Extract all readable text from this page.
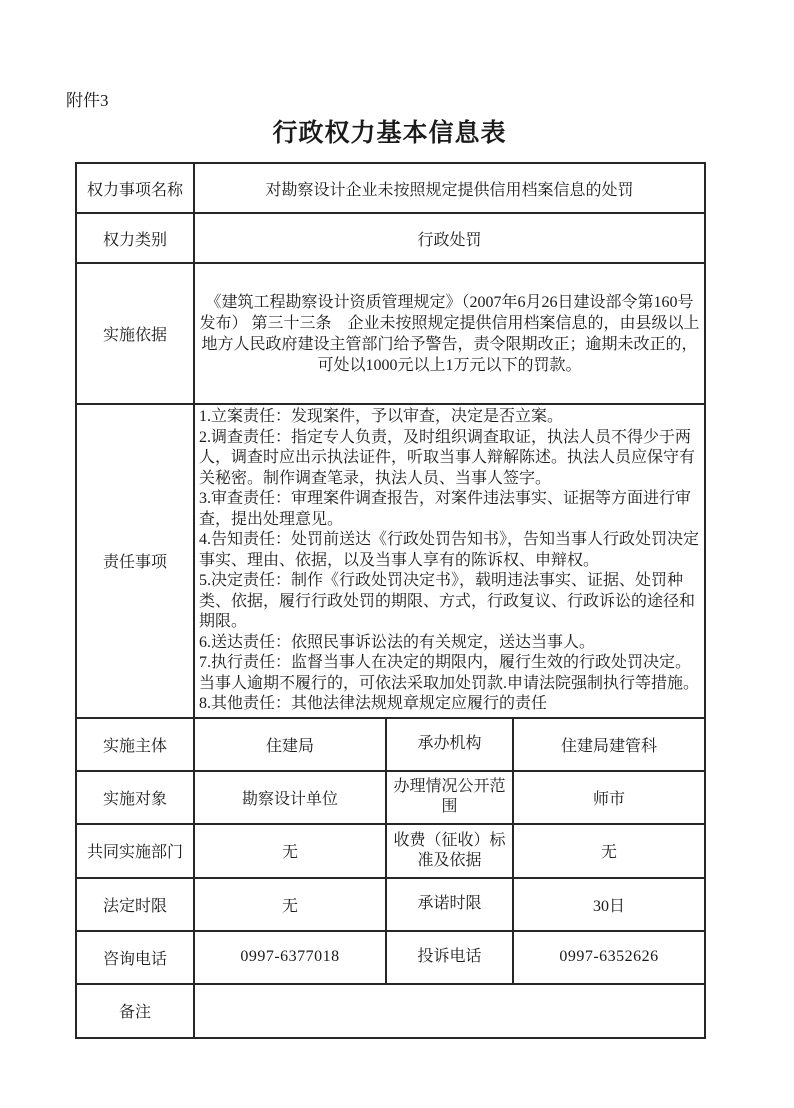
附件3
行政权力基本信息表
权力事项名称	对勘察设计企业未按照规定提供信用档案信息的处罚		
权力类别	行政处罚		
实施依据	《建筑工程勘察设计资质管理规定》（2007年6月26日建设部令第160号发布） 第三十三条　企业未按照规定提供信用档案信息的，由县级以上地方人民政府建设主管部门给予警告，责令限期改正；逾期未改正的，可处以1000元以上1万元以下的罚款。		
责任事项	
1.立案责任：发现案件，予以审查，决定是否立案。
2.调查责任：指定专人负责，及时组织调查取证，执法人员不得少于两人，调查时应出示执法证件，听取当事人辩解陈述。执法人员应保守有关秘密。制作调查笔录，执法人员、当事人签字。
3.审查责任：审理案件调查报告，对案件违法事实、证据等方面进行审查，提出处理意见。
4.告知责任：处罚前送达《行政处罚告知书》，告知当事人行政处罚决定事实、理由、依据，以及当事人享有的陈诉权、申辩权。
5.决定责任：制作《行政处罚决定书》，载明违法事实、证据、处罚种类、依据，履行行政处罚的期限、方式，行政复议、行政诉讼的途径和期限。
6.送达责任：依照民事诉讼法的有关规定，送达当事人。
7.执行责任：监督当事人在决定的期限内，履行生效的行政处罚决定。当事人逾期不履行的，可依法采取加处罚款.申请法院强制执行等措施。
8.其他责任：其他法律法规规章规定应履行的责任

实施主体	住建局	承办机构	住建局建管科
实施对象	勘察设计单位	办理情况公开范围	师市
共同实施部门	无	收费（征收）标准及依据	无
法定时限	无	承诺时限	30日
咨询电话	0997-6377018	投诉电话	0997-6352626
备注			
